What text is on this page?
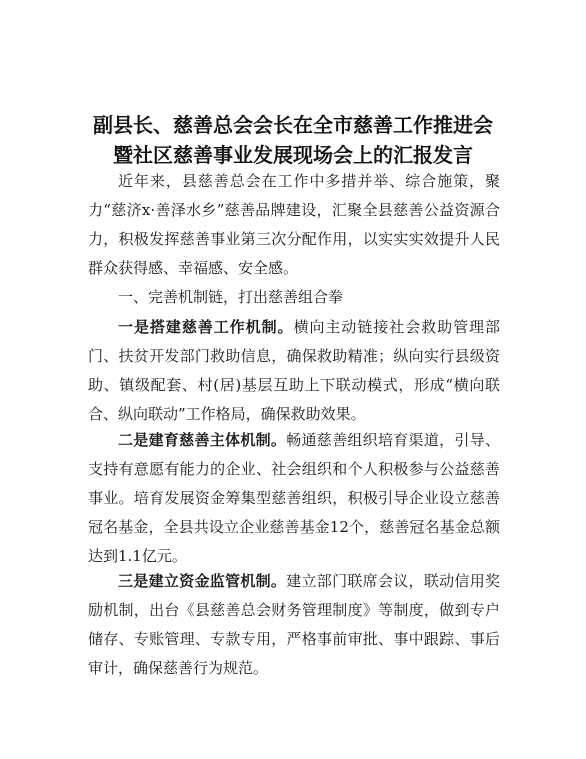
副县长、慈善总会会长在全市慈善工作推进会
暨社区慈善事业发展现场会上的汇报发言

近年来，县慈善总会在工作中多措并举、综合施策，聚力“慈济x·善泽水乡”慈善品牌建设，汇聚全县慈善公益资源合力，积极发挥慈善事业第三次分配作用，以实实实效提升人民群众获得感、幸福感、安全感。

一、完善机制链，打出慈善组合拳

一是搭建慈善工作机制。横向主动链接社会救助管理部门、扶贫开发部门救助信息，确保救助精准；纵向实行县级资助、镇级配套、村(居)基层互助上下联动模式，形成“横向联合、纵向联动”工作格局，确保救助效果。

二是建育慈善主体机制。畅通慈善组织培育渠道，引导、支持有意愿有能力的企业、社会组织和个人积极参与公益慈善事业。培育发展资金筹集型慈善组织，积极引导企业设立慈善冠名基金，全县共设立企业慈善基金12个，慈善冠名基金总额达到1.1亿元。

三是建立资金监管机制。建立部门联席会议，联动信用奖励机制，出台《县慈善总会财务管理制度》等制度，做到专户储存、专账管理、专款专用，严格事前审批、事中跟踪、事后审计，确保慈善行为规范。
